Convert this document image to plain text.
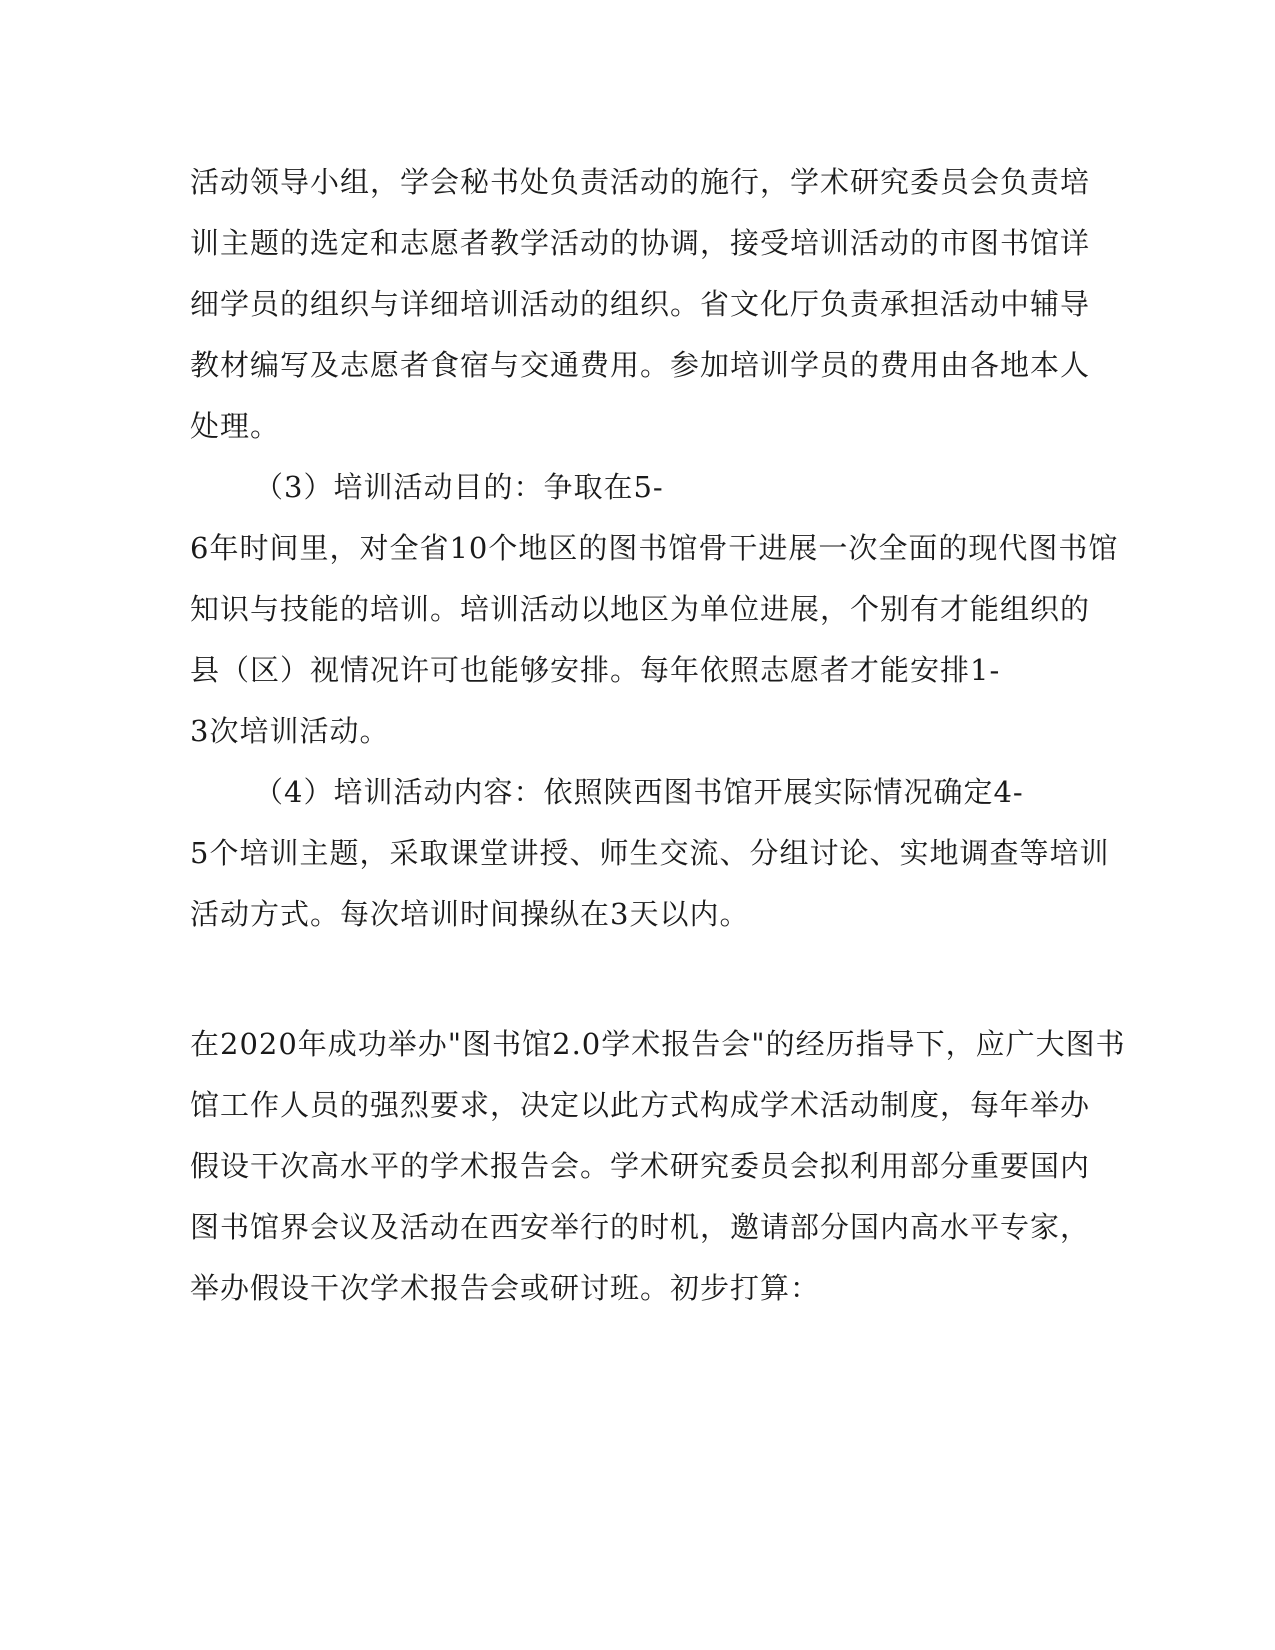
活动领导小组，学会秘书处负责活动的施行，学术研究委员会负责培
训主题的选定和志愿者教学活动的协调，接受培训活动的市图书馆详
细学员的组织与详细培训活动的组织。省文化厅负责承担活动中辅导
教材编写及志愿者食宿与交通费用。参加培训学员的费用由各地本人
处理。
（3）培训活动目的：争取在5-
6年时间里，对全省10个地区的图书馆骨干进展一次全面的现代图书馆
知识与技能的培训。培训活动以地区为单位进展，个别有才能组织的
县（区）视情况许可也能够安排。每年依照志愿者才能安排1-
3次培训活动。
（4）培训活动内容：依照陕西图书馆开展实际情况确定4-
5个培训主题，采取课堂讲授、师生交流、分组讨论、实地调查等培训
活动方式。每次培训时间操纵在3天以内。
在2020年成功举办"图书馆2.0学术报告会"的经历指导下，应广大图书
馆工作人员的强烈要求，决定以此方式构成学术活动制度，每年举办
假设干次高水平的学术报告会。学术研究委员会拟利用部分重要国内
图书馆界会议及活动在西安举行的时机，邀请部分国内高水平专家，
举办假设干次学术报告会或研讨班。初步打算：
